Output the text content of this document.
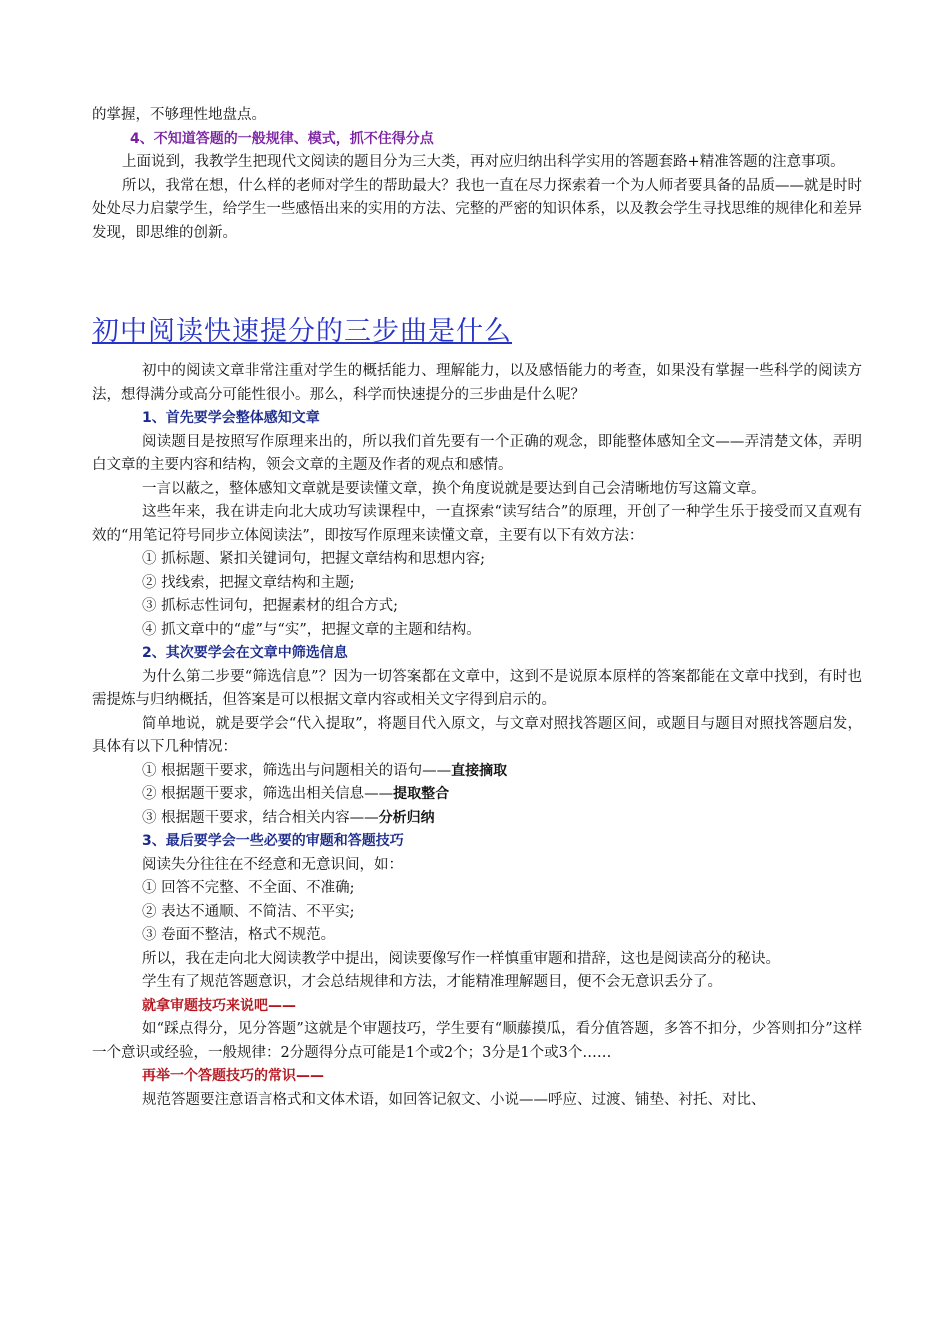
的掌握，不够理性地盘点。

4、不知道答题的一般规律、模式，抓不住得分点

上面说到，我教学生把现代文阅读的题目分为三大类，再对应归纳出科学实用的答题套路+精准答题的注意事项。

所以，我常在想，什么样的老师对学生的帮助最大？我也一直在尽力探索着一个为人师者要具备的品质——就是时时处处尽力启蒙学生，给学生一些感悟出来的实用的方法、完整的严密的知识体系，以及教会学生寻找思维的规律化和差异发现，即思维的创新。

初中阅读快速提分的三步曲是什么

初中的阅读文章非常注重对学生的概括能力、理解能力，以及感悟能力的考查，如果没有掌握一些科学的阅读方法，想得满分或高分可能性很小。那么，科学而快速提分的三步曲是什么呢？

1、首先要学会整体感知文章

阅读题目是按照写作原理来出的，所以我们首先要有一个正确的观念，即能整体感知全文——弄清楚文体，弄明白文章的主要内容和结构，领会文章的主题及作者的观点和感情。

一言以蔽之，整体感知文章就是要读懂文章，换个角度说就是要达到自己会清晰地仿写这篇文章。

这些年来，我在讲走向北大成功写读课程中，一直探索“读写结合”的原理，开创了一种学生乐于接受而又直观有效的“用笔记符号同步立体阅读法”，即按写作原理来读懂文章，主要有以下有效方法：

① 抓标题、紧扣关键词句，把握文章结构和思想内容;

② 找线索，把握文章结构和主题;

③ 抓标志性词句，把握素材的组合方式;

④ 抓文章中的“虚”与“实”，把握文章的主题和结构。

2、其次要学会在文章中筛选信息

为什么第二步要“筛选信息”？因为一切答案都在文章中，这到不是说原本原样的答案都能在文章中找到，有时也需提炼与归纳概括，但答案是可以根据文章内容或相关文字得到启示的。

简单地说，就是要学会“代入提取”，将题目代入原文，与文章对照找答题区间，或题目与题目对照找答题启发，具体有以下几种情况：

① 根据题干要求，筛选出与问题相关的语句——直接摘取

② 根据题干要求，筛选出相关信息——提取整合

③ 根据题干要求，结合相关内容——分析归纳

3、最后要学会一些必要的审题和答题技巧

阅读失分往往在不经意和无意识间，如：

① 回答不完整、不全面、不准确;

② 表达不通顺、不简洁、不平实;

③ 卷面不整洁，格式不规范。

所以，我在走向北大阅读教学中提出，阅读要像写作一样慎重审题和措辞，这也是阅读高分的秘诀。

学生有了规范答题意识，才会总结规律和方法，才能精准理解题目，便不会无意识丢分了。

就拿审题技巧来说吧——

如“踩点得分，见分答题”这就是个审题技巧，学生要有“顺藤摸瓜，看分值答题，多答不扣分，少答则扣分”这样一个意识或经验，一般规律：2分题得分点可能是1个或2个；3分是1个或3个……

再举一个答题技巧的常识——

规范答题要注意语言格式和文体术语，如回答记叙文、小说——呼应、过渡、铺垫、衬托、对比、
